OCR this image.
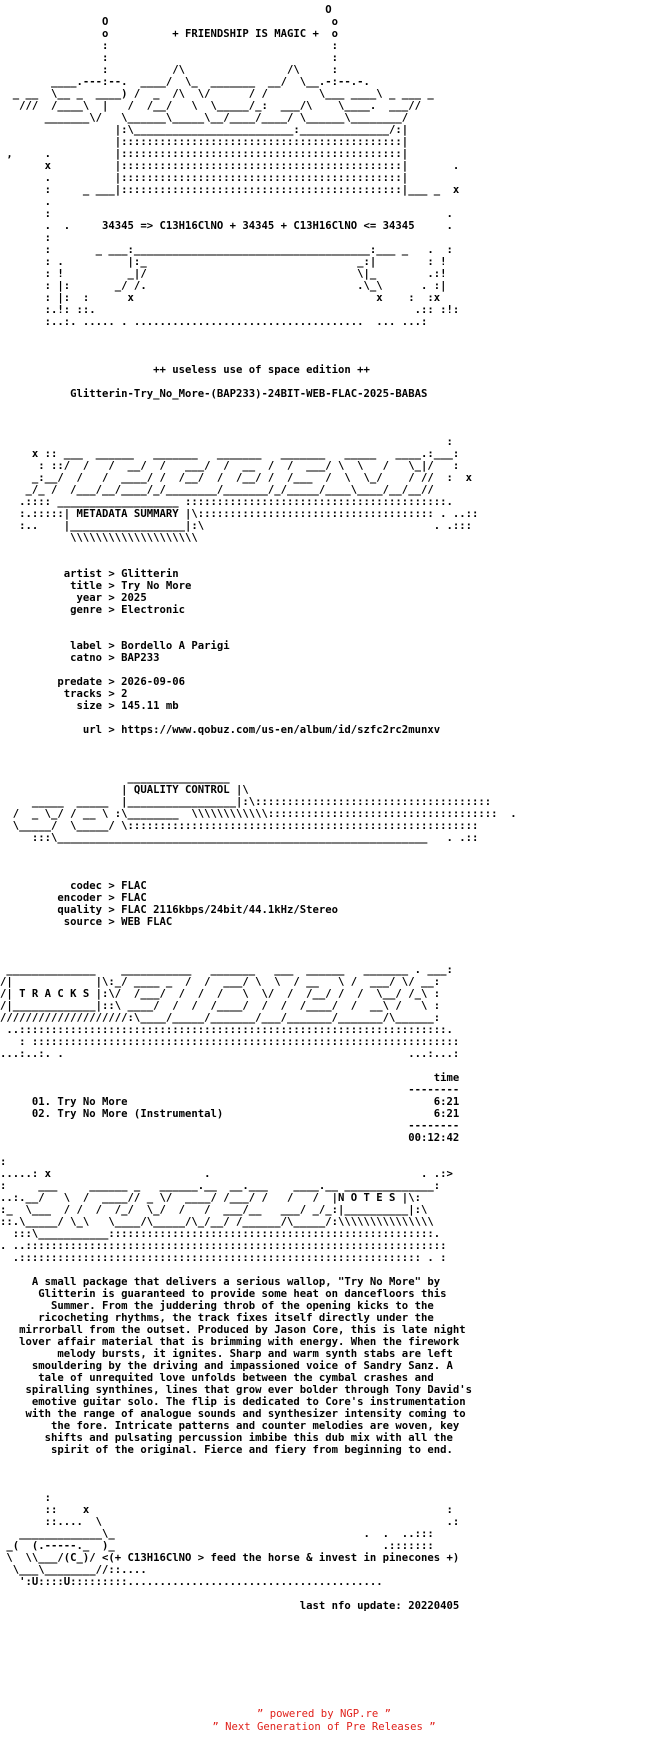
O
O                                   o
o          + FRIENDSHIP IS MAGIC +  o
:                                   :
:                                   :
:          /\                /\     :
____.---:--.  ____/  \_  _______  __/  \__.-:--.-.
_ __  \__ _  ____) /  _  /\  \/      / /        \___ ____\ _ ___ _
///  /____\  |   /  /__/   \  \_____/_:  ___/\    \____.  ___//
_______\/   \______\_____\__/____/____/ \______\________/
|:\_________________________:______________/:|
|::::::::::::::::::::::::::::::::::::::::::::|
,     .          |::::::::::::::::::::::::::::::::::::::::::::|
x          |::::::::::::::::::::::::::::::::::::::::::::|       .
.          |::::::::::::::::::::::::::::::::::::::::::::|
:     _ ___|::::::::::::::::::::::::::::::::::::::::::::|___ _  x
.
:                                                              .
.  .     34345 => C13H16ClNO + 34345 + C13H16ClNO <= 34345     .
:
:       _ ___:_____________________________________:___ _   .  :
: .          |:_                                 _:|        : !
: !          _|/                                 \|_        .:!
: |:       _/ /.                                 .\_\      . :|
: |:  :      x                                      x    :  :x
:.!: ::.                                                  .:: :!:
:..:. ..... . ....................................  ... ...:
++ useless use of space edition ++
Glitterin-Try_No_More-(BAP233)-24BIT-WEB-FLAC-2025-BABAS
:
x :: ___  ______   _______   _______   _______   _____   ____.:___:
: ::/  /   /  __/  /   ___/  /  __  /  /  ___/ \  \   /   \_|/   :
_:__/  /   /  ____/ /  /__/  /  /__/ /  /___  /  \  \_/    / //  :  x
_/_ /  /___/__/____/_/________/_______/_/_____/____\____/__/__//
.:::: ___________________ :::::::::::::::::::::::::::::::::::::::::.
:.:::::| METADATA SUMMARY |\::::::::::::::::::::::::::::::::::::: . ..::
:..    |__________________|:\                                    . .:::
\\\\\\\\\\\\\\\\\\\\
artist > Glitterin
title > Try No More
year > 2025
genre > Electronic
label > Bordello A Parigi
catno > BAP233
predate > 2026-09-06
tracks > 2
size > 145.11 mb
url > https://www.qobuz.com/us-en/album/id/szfc2rc2munxv
________________
| QUALITY CONTROL |\
_____  _____  |_________________|:\:::::::::::::::::::::::::::::::::::::
/  _ \_/ / __ \ :\________  \\\\\\\\\\\\::::::::::::::::::::::::::::::::::::  .
\_____/  \_____/ \:::::::::::::::::::::::::::::::::::::::::::::::::::::::
:::\__________________________________________________________   . .::
codec > FLAC
encoder > FLAC
quality > FLAC 2116kbps/24bit/44.1kHz/Stereo
source > WEB FLAC
______________    ___________   _______   ___  ______   _______ . ___:
/|             |\:_/ ____ _  /  /  ___/ \  \  / __   \ /  ___/ \/ __:
/| T R A C K S |:\/  /___/  /  /  /   \  \/  /  /__/ /  /  \__/ /_\ :
/|_____________|::\ ____/  /  /  /____/  /  /  /____/  /  __\ /   \ :
////////////////////:\____/_____/_______/___/_______/_______/\______:
..:::::::::::::::::::::::::::::::::::::::::::::::::::::::::::::::::::.
: :::::::::::::::::::::::::::::::::::::::::::::::::::::::::::::::::::
...:..:. .                                                      ...:...:
time
--------
01. Try No More                                                6:21
02. Try No More (Instrumental)                                 6:21
--------
00:12:42
:
.....: x                        .                                 . .:>
:     ___     ______ _   ______.__  __.___    ____.__ ______________:
..:.__/   \  /  ____// _ \/  ____/ /___/ /   /   /  |N O T E S |\:
:_  \___  / /  /  /_/  \_/  /   /  ___/__   ___/ _/_:|__________|:\
::.\_____/ \_\   \____/\_____/\_/__/ /______/\_____/:\\\\\\\\\\\\\\\
:::\___________:::::::::::::::::::::::::::::::::::::::::::::::::::.
. ..::::::::::::::::::::::::::::::::::::::::::::::::::::::::::::::::::
.::::::::::::::::::::::::::::::::::::::::::::::::::::::::::::::: . :
A small package that delivers a serious wallop, "Try No More" by
Glitterin is guaranteed to provide some heat on dancefloors this
Summer. From the juddering throb of the opening kicks to the
ricocheting rhythms, the track fixes itself directly under the
mirrorball from the outset. Produced by Jason Core, this is late night
lover affair material that is brimming with energy. When the firework
melody bursts, it ignites. Sharp and warm synth stabs are left
smouldering by the driving and impassioned voice of Sandry Sanz. A
tale of unrequited love unfolds between the cymbal crashes and
spiralling synthines, lines that grow ever bolder through Tony David's
emotive guitar solo. The flip is dedicated to Core's instrumentation
with the range of analogue sounds and synthesizer intensity coming to
the fore. Intricate patterns and counter melodies are woven, key
shifts and pulsating percussion imbibe this dub mix with all the
spirit of the original. Fierce and fiery from beginning to end.
:
::    x                                                        :
::....  \                                                      .:
_____________\_                                       .  .  ..:::
_(  (.-----._  )_                                          .:::::::
\  \\___/(C_)/ <(+ C13H16ClNO > feed the horse & invest in pinecones +)
\___\________//::....
':U::::U:::::::::........................................
last nfo update: 20220405
” powered by NGP.re ”
” Next Generation of Pre Releases ”
